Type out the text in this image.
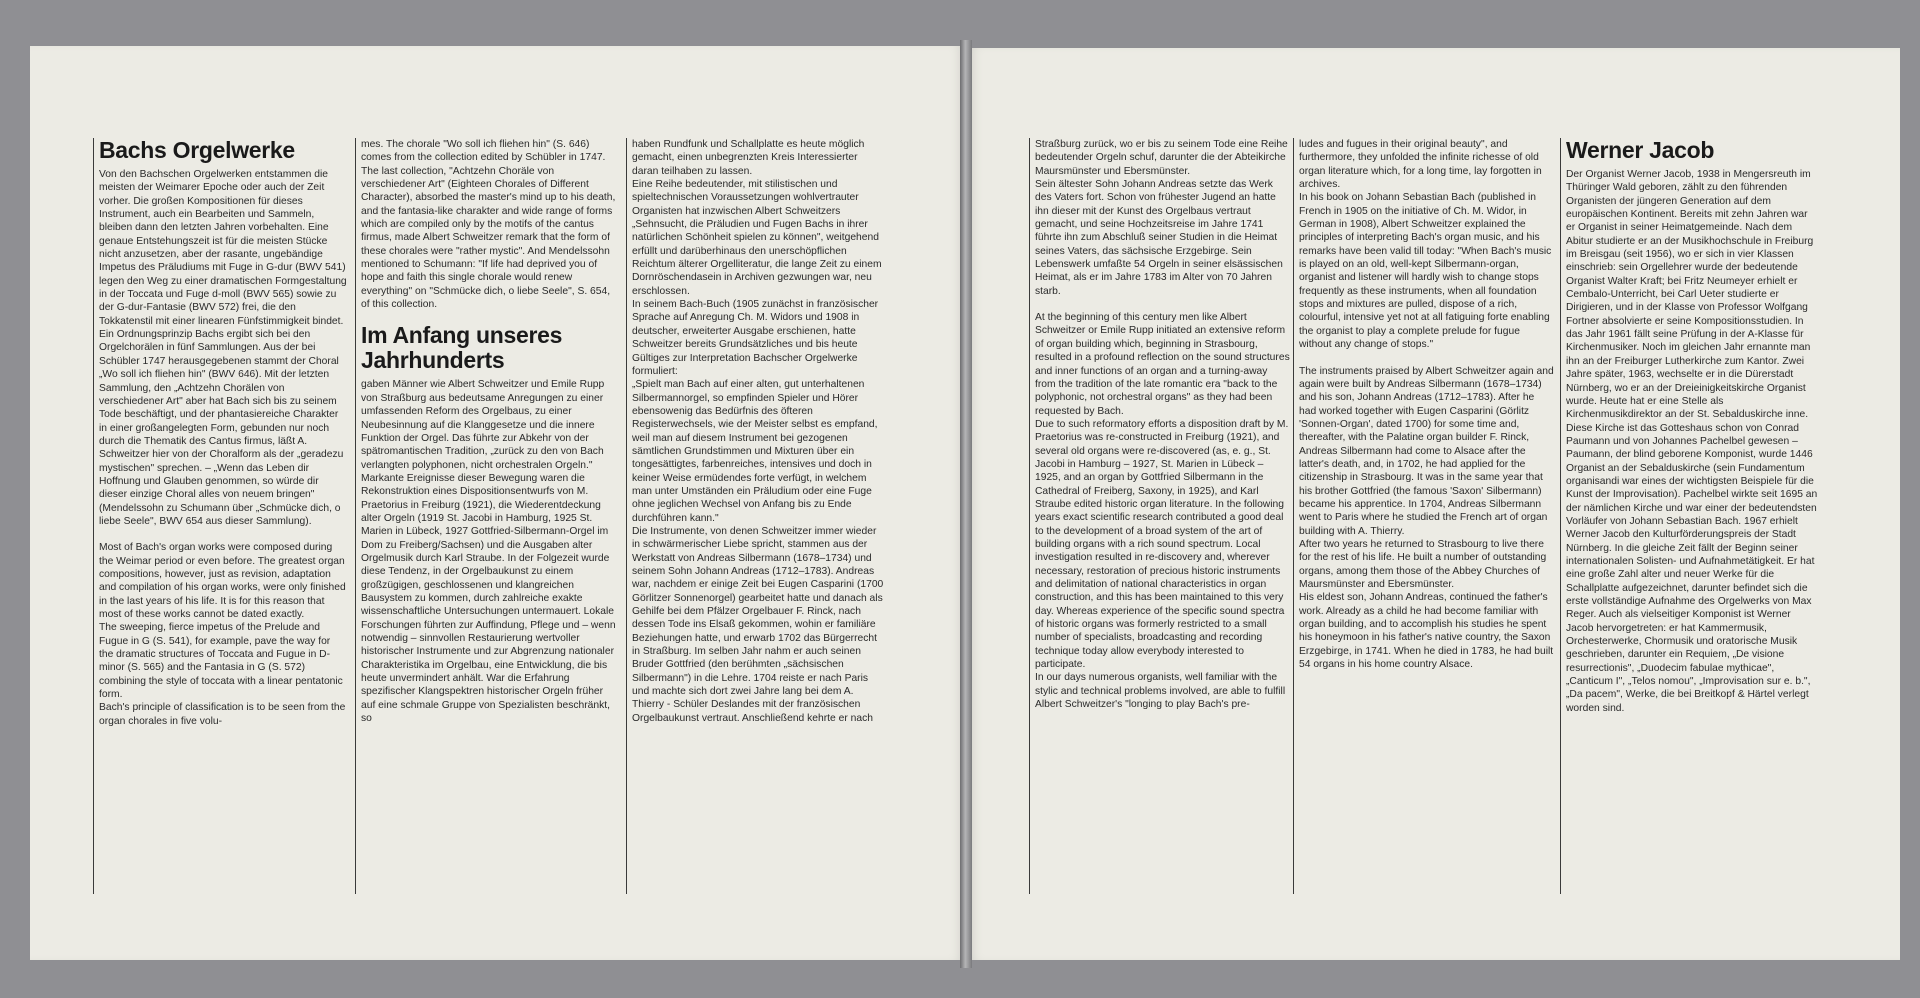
Bachs Orgelwerke

Von den Bachschen Orgelwerken entstammen die meisten der Weimarer Epoche oder auch der Zeit vorher. Die großen Kompositionen für dieses Instrument, auch ein Bearbeiten und Sammeln, bleiben dann den letzten Jahren vorbehalten. Eine genaue Entstehungszeit ist für die meisten Stücke nicht anzusetzen, aber der rasante, ungebändige Impetus des Präludiums mit Fuge in G-dur (BWV 541) legen den Weg zu einer dramatischen Formgestaltung in der Toccata und Fuge d-moll (BWV 565) sowie zu der G-dur-Fantasie (BWV 572) frei, die den Tokkatenstil mit einer linearen Fünfstimmigkeit bindet.

Ein Ordnungsprinzip Bachs ergibt sich bei den Orgelchorälen in fünf Sammlungen. Aus der bei Schübler 1747 herausgegebenen stammt der Choral „Wo soll ich fliehen hin" (BWV 646). Mit der letzten Sammlung, den „Achtzehn Chorälen von verschiedener Art" aber hat Bach sich bis zu seinem Tode beschäftigt, und der phantasiereiche Charakter in einer großangelegten Form, gebunden nur noch durch die Thematik des Cantus firmus, läßt A. Schweitzer hier von der Choralform als der „geradezu mystischen" sprechen. – „Wenn das Leben dir Hoffnung und Glauben genommen, so würde dir dieser einzige Choral alles von neuem bringen" (Mendelssohn zu Schumann über „Schmücke dich, o liebe Seele", BWV 654 aus dieser Sammlung).

Most of Bach's organ works were composed during the Weimar period or even before. The greatest organ compositions, however, just as revision, adaptation and compilation of his organ works, were only finished in the last years of his life. It is for this reason that most of these works cannot be dated exactly.

The sweeping, fierce impetus of the Prelude and Fugue in G (S. 541), for example, pave the way for the dramatic structures of Toccata and Fugue in D-minor (S. 565) and the Fantasia in G (S. 572) combining the style of toccata with a linear pentatonic form.

Bach's principle of classification is to be seen from the organ chorales in five volu-

mes. The chorale "Wo soll ich fliehen hin" (S. 646) comes from the collection edited by Schübler in 1747. The last collection, "Achtzehn Choräle von verschiedener Art" (Eighteen Chorales of Different Character), absorbed the master's mind up to his death, and the fantasia-like charakter and wide range of forms which are compiled only by the motifs of the cantus firmus, made Albert Schweitzer remark that the form of these chorales were "rather mystic". And Mendelssohn mentioned to Schumann: "If life had deprived you of hope and faith this single chorale would renew everything" on "Schmücke dich, o liebe Seele", S. 654, of this collection.

Im Anfang unseres Jahrhunderts

gaben Männer wie Albert Schweitzer und Emile Rupp von Straßburg aus bedeutsame Anregungen zu einer umfassenden Reform des Orgelbaus, zu einer Neubesinnung auf die Klanggesetze und die innere Funktion der Orgel. Das führte zur Abkehr von der spätromantischen Tradition, „zurück zu den von Bach verlangten polyphonen, nicht orchestralen Orgeln."

Markante Ereignisse dieser Bewegung waren die Rekonstruktion eines Dispositionsentwurfs von M. Praetorius in Freiburg (1921), die Wiederentdeckung alter Orgeln (1919 St. Jacobi in Hamburg, 1925 St. Marien in Lübeck, 1927 Gottfried-Silbermann-Orgel im Dom zu Freiberg/Sachsen) und die Ausgaben alter Orgelmusik durch Karl Straube. In der Folgezeit wurde diese Tendenz, in der Orgelbaukunst zu einem großzügigen, geschlossenen und klangreichen Bausystem zu kommen, durch zahlreiche exakte wissenschaftliche Untersuchungen untermauert. Lokale Forschungen führten zur Auffindung, Pflege und – wenn notwendig – sinnvollen Restaurierung wertvoller historischer Instrumente und zur Abgrenzung nationaler Charakteristika im Orgelbau, eine Entwicklung, die bis heute unvermindert anhält. War die Erfahrung spezifischer Klangspektren historischer Orgeln früher auf eine schmale Gruppe von Spezialisten beschränkt, so

haben Rundfunk und Schallplatte es heute möglich gemacht, einen unbegrenzten Kreis Interessierter daran teilhaben zu lassen.

Eine Reihe bedeutender, mit stilistischen und spieltechnischen Voraussetzungen wohlvertrauter Organisten hat inzwischen Albert Schweitzers „Sehnsucht, die Präludien und Fugen Bachs in ihrer natürlichen Schönheit spielen zu können", weitgehend erfüllt und darüberhinaus den unerschöpflichen Reichtum älterer Orgelliteratur, die lange Zeit zu einem Dornröschendasein in Archiven gezwungen war, neu erschlossen.

In seinem Bach-Buch (1905 zunächst in französischer Sprache auf Anregung Ch. M. Widors und 1908 in deutscher, erweiterter Ausgabe erschienen, hatte Schweitzer bereits Grundsätzliches und bis heute Gültiges zur Interpretation Bachscher Orgelwerke formuliert:

„Spielt man Bach auf einer alten, gut unterhaltenen Silbermannorgel, so empfinden Spieler und Hörer ebensowenig das Bedürfnis des öfteren Registerwechsels, wie der Meister selbst es empfand, weil man auf diesem Instrument bei gezogenen sämtlichen Grundstimmen und Mixturen über ein tongesättigtes, farbenreiches, intensives und doch in keiner Weise ermüdendes forte verfügt, in welchem man unter Umständen ein Präludium oder eine Fuge ohne jeglichen Wechsel von Anfang bis zu Ende durchführen kann."

Die Instrumente, von denen Schweitzer immer wieder in schwärmerischer Liebe spricht, stammen aus der Werkstatt von Andreas Silbermann (1678–1734) und seinem Sohn Johann Andreas (1712–1783). Andreas war, nachdem er einige Zeit bei Eugen Casparini (1700 Görlitzer Sonnenorgel) gearbeitet hatte und danach als Gehilfe bei dem Pfälzer Orgelbauer F. Rinck, nach dessen Tode ins Elsaß gekommen, wohin er familiäre Beziehungen hatte, und erwarb 1702 das Bürgerrecht in Straßburg. Im selben Jahr nahm er auch seinen Bruder Gottfried (den berühmten „sächsischen Silbermann") in die Lehre. 1704 reiste er nach Paris und machte sich dort zwei Jahre lang bei dem A. Thierry - Schüler Deslandes mit der französischen Orgelbaukunst vertraut. Anschließend kehrte er nach

Straßburg zurück, wo er bis zu seinem Tode eine Reihe bedeutender Orgeln schuf, darunter die der Abteikirche Maursmünster und Ebersmünster.

Sein ältester Sohn Johann Andreas setzte das Werk des Vaters fort. Schon von frühester Jugend an hatte ihn dieser mit der Kunst des Orgelbaus vertraut gemacht, und seine Hochzeitsreise im Jahre 1741 führte ihn zum Abschluß seiner Studien in die Heimat seines Vaters, das sächsische Erzgebirge. Sein Lebenswerk umfaßte 54 Orgeln in seiner elsässischen Heimat, als er im Jahre 1783 im Alter von 70 Jahren starb.

At the beginning of this century men like Albert Schweitzer or Emile Rupp initiated an extensive reform of organ building which, beginning in Strasbourg, resulted in a profound reflection on the sound structures and inner functions of an organ and a turning-away from the tradition of the late romantic era "back to the polyphonic, not orchestral organs" as they had been requested by Bach.

Due to such reformatory efforts a disposition draft by M. Praetorius was re-constructed in Freiburg (1921), and several old organs were re-discovered (as, e. g., St. Jacobi in Hamburg – 1927, St. Marien in Lübeck – 1925, and an organ by Gottfried Silbermann in the Cathedral of Freiberg, Saxony, in 1925), and Karl Straube edited historic organ literature. In the following years exact scientific research contributed a good deal to the development of a broad system of the art of building organs with a rich sound spectrum. Local investigation resulted in re-discovery and, wherever necessary, restoration of precious historic instruments and delimitation of national characteristics in organ construction, and this has been maintained to this very day. Whereas experience of the specific sound spectra of historic organs was formerly restricted to a small number of specialists, broadcasting and recording technique today allow everybody interested to participate.

In our days numerous organists, well familiar with the stylic and technical problems involved, are able to fulfill Albert Schweitzer's "longing to play Bach's pre-

ludes and fugues in their original beauty", and furthermore, they unfolded the infinite richesse of old organ literature which, for a long time, lay forgotten in archives.

In his book on Johann Sebastian Bach (published in French in 1905 on the initiative of Ch. M. Widor, in German in 1908), Albert Schweitzer explained the principles of interpreting Bach's organ music, and his remarks have been valid till today: "When Bach's music is played on an old, well-kept Silbermann-organ, organist and listener will hardly wish to change stops frequently as these instruments, when all foundation stops and mixtures are pulled, dispose of a rich, colourful, intensive yet not at all fatiguing forte enabling the organist to play a complete prelude for fugue without any change of stops."

The instruments praised by Albert Schweitzer again and again were built by Andreas Silbermann (1678–1734) and his son, Johann Andreas (1712–1783). After he had worked together with Eugen Casparini (Görlitz 'Sonnen-Organ', dated 1700) for some time and, thereafter, with the Palatine organ builder F. Rinck, Andreas Silbermann had come to Alsace after the latter's death, and, in 1702, he had applied for the citizenship in Strasbourg. It was in the same year that his brother Gottfried (the famous 'Saxon' Silbermann) became his apprentice. In 1704, Andreas Silbermann went to Paris where he studied the French art of organ building with A. Thierry.

After two years he returned to Strasbourg to live there for the rest of his life. He built a number of outstanding organs, among them those of the Abbey Churches of Maursmünster and Ebersmünster.

His eldest son, Johann Andreas, continued the father's work. Already as a child he had become familiar with organ building, and to accomplish his studies he spent his honeymoon in his father's native country, the Saxon Erzgebirge, in 1741. When he died in 1783, he had built 54 organs in his home country Alsace.

Werner Jacob

Der Organist Werner Jacob, 1938 in Mengersreuth im Thüringer Wald geboren, zählt zu den führenden Organisten der jüngeren Generation auf dem europäischen Kontinent. Bereits mit zehn Jahren war er Organist in seiner Heimatgemeinde. Nach dem Abitur studierte er an der Musikhochschule in Freiburg im Breisgau (seit 1956), wo er sich in vier Klassen einschrieb: sein Orgellehrer wurde der bedeutende Organist Walter Kraft; bei Fritz Neumeyer erhielt er Cembalo-Unterricht, bei Carl Ueter studierte er Dirigieren, und in der Klasse von Professor Wolfgang Fortner absolvierte er seine Kompositionsstudien. In das Jahr 1961 fällt seine Prüfung in der A-Klasse für Kirchenmusiker. Noch im gleichen Jahr ernannte man ihn an der Freiburger Lutherkirche zum Kantor. Zwei Jahre später, 1963, wechselte er in die Dürerstadt Nürnberg, wo er an der Dreieinigkeitskirche Organist wurde. Heute hat er eine Stelle als Kirchenmusikdirektor an der St. Sebalduskirche inne. Diese Kirche ist das Gotteshaus schon von Conrad Paumann und von Johannes Pachelbel gewesen – Paumann, der blind geborene Komponist, wurde 1446 Organist an der Sebalduskirche (sein Fundamentum organisandi war eines der wichtigsten Beispiele für die Kunst der Improvisation). Pachelbel wirkte seit 1695 an der nämlichen Kirche und war einer der bedeutendsten Vorläufer von Johann Sebastian Bach. 1967 erhielt Werner Jacob den Kulturförderungspreis der Stadt Nürnberg. In die gleiche Zeit fällt der Beginn seiner internationalen Solisten- und Aufnahmetätigkeit. Er hat eine große Zahl alter und neuer Werke für die Schallplatte aufgezeichnet, darunter befindet sich die erste vollständige Aufnahme des Orgelwerks von Max Reger. Auch als vielseitiger Komponist ist Werner Jacob hervorgetreten: er hat Kammermusik, Orchesterwerke, Chormusik und oratorische Musik geschrieben, darunter ein Requiem, „De visione resurrectionis", „Duodecim fabulae mythicae", „Canticum I", „Telos nomou", „Improvisation sur e. b.", „Da pacem", Werke, die bei Breitkopf & Härtel verlegt worden sind.
